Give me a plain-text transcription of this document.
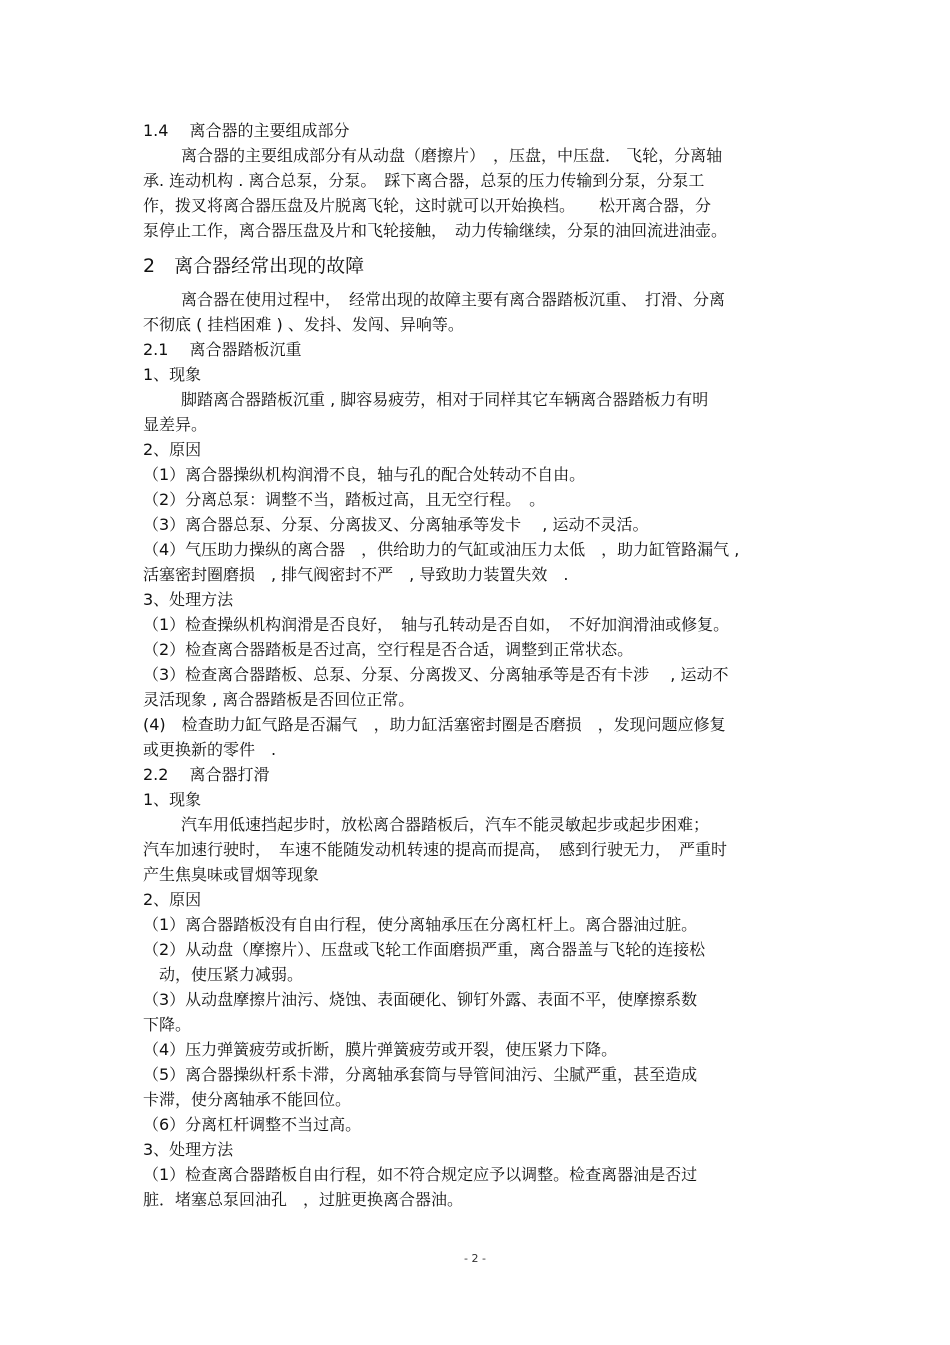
1.4　 离合器的主要组成部分

离合器的主要组成部分有从动盘（磨擦片）　，压盘，中压盘． 飞轮，分离轴

承. 连动机构 . 离合总泵，分泵。　踩下离合器，总泵的压力传输到分泵，分泵工

作，拨叉将离合器压盘及片脱离飞轮，这时就可以开始换档。　　松开离合器，分

泵停止工作，离合器压盘及片和飞轮接触，　动力传输继续，分泵的油回流进油壶。

2　离合器经常出现的故障

离合器在使用过程中，　经常出现的故障主要有离合器踏板沉重、　打滑、分离

不彻底 ( 挂档困难 ) 、发抖、发闯、异响等。

2.1　 离合器踏板沉重

1、现象

脚踏离合器踏板沉重 , 脚容易疲劳，相对于同样其它车辆离合器踏板力有明

显差异。

2、原因

（1）离合器操纵机构润滑不良，轴与孔的配合处转动不自由。

（2）分离总泵：调整不当，踏板过高，且无空行程。　。

（3）离合器总泵、分泵、分离拔叉、分离轴承等发卡　 , 运动不灵活。

（4）气压助力操纵的离合器　，供给助力的气缸或油压力太低　，助力缸管路漏气 ,

活塞密封圈磨损　, 排气阀密封不严　, 导致助力装置失效　.

3、处理方法

（1）检查操纵机构润滑是否良好，　轴与孔转动是否自如，　不好加润滑油或修复。

（2）检查离合器踏板是否过高，空行程是否合适，调整到正常状态。

（3）检查离合器踏板、总泵、分泵、分离拨叉、分离轴承等是否有卡涉　 , 运动不

灵活现象 , 离合器踏板是否回位正常。

(4)　检查助力缸气路是否漏气　，助力缸活塞密封圈是否磨损　，发现问题应修复

或更换新的零件　.

2.2　 离合器打滑

1、现象

汽车用低速挡起步时，放松离合器踏板后，汽车不能灵敏起步或起步困难；

汽车加速行驶时，　车速不能随发动机转速的提高而提高，　感到行驶无力，　严重时

产生焦臭味或冒烟等现象

2、原因

（1）离合器踏板没有自由行程，使分离轴承压在分离杠杆上。离合器油过脏。

（2）从动盘（摩擦片）、压盘或飞轮工作面磨损严重，离合器盖与飞轮的连接松

　动，使压紧力减弱。

（3）从动盘摩擦片油污、烧蚀、表面硬化、铆钉外露、表面不平，使摩擦系数

下降。

（4）压力弹簧疲劳或折断，膜片弹簧疲劳或开裂，使压紧力下降。

（5）离合器操纵杆系卡滞，分离轴承套筒与导管间油污、尘腻严重，甚至造成

卡滞，使分离轴承不能回位。

（6）分离杠杆调整不当过高。

3、处理方法

（1）检查离合器踏板自由行程，如不符合规定应予以调整。检查离器油是否过

脏．堵塞总泵回油孔　，过脏更换离合器油。

- 2 -
